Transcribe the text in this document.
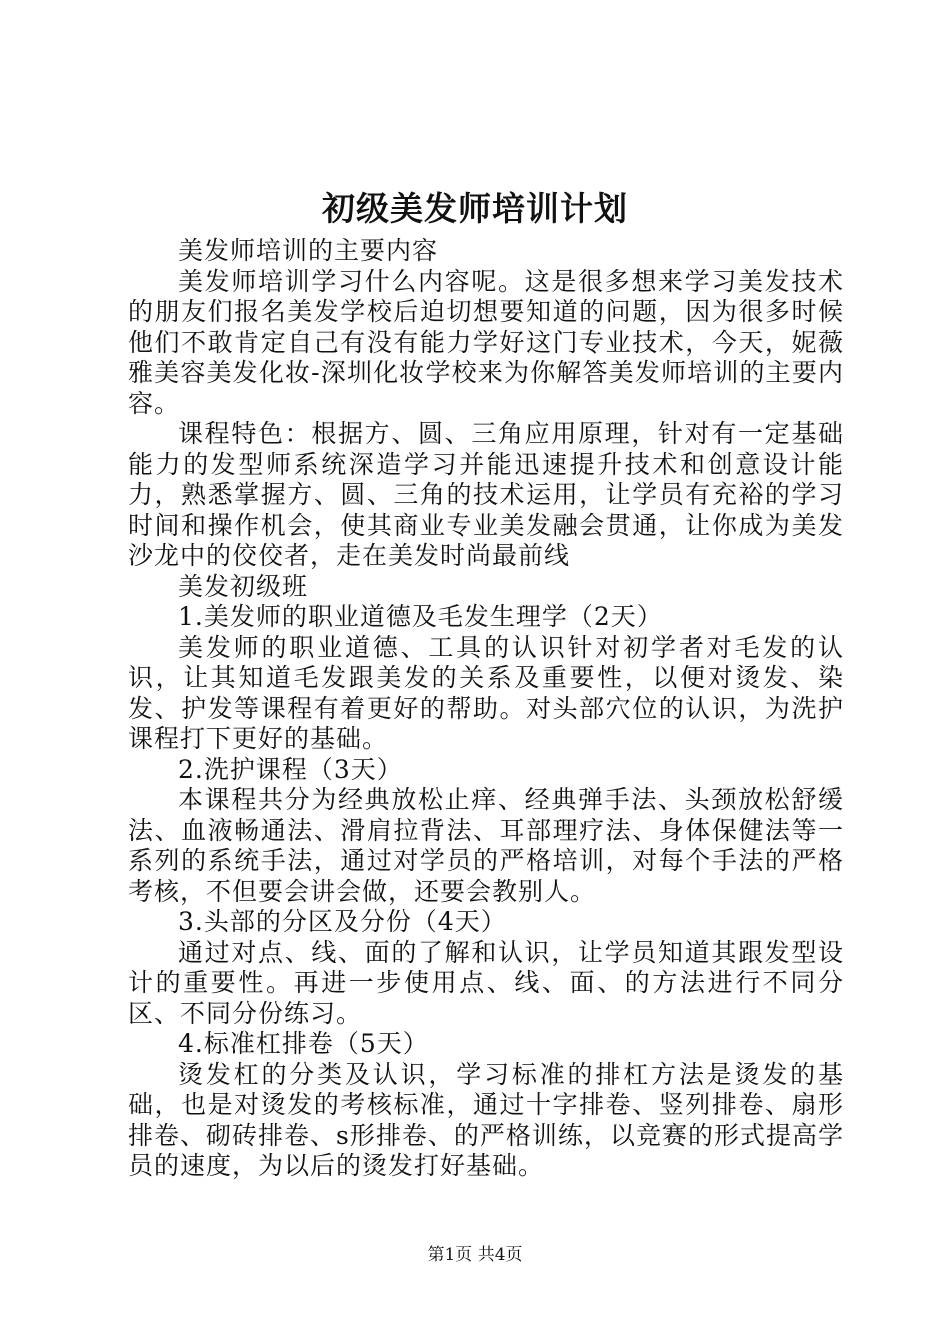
初级美发师培训计划

美发师培训的主要内容

美发师培训学习什么内容呢。这是很多想来学习美发技术的朋友们报名美发学校后迫切想要知道的问题，因为很多时候他们不敢肯定自己有没有能力学好这门专业技术，今天，妮薇雅美容美发化妆-深圳化妆学校来为你解答美发师培训的主要内容。

课程特色：根据方、圆、三角应用原理，针对有一定基础能力的发型师系统深造学习并能迅速提升技术和创意设计能力，熟悉掌握方、圆、三角的技术运用，让学员有充裕的学习时间和操作机会，使其商业专业美发融会贯通，让你成为美发沙龙中的佼佼者，走在美发时尚最前线

美发初级班

1.美发师的职业道德及毛发生理学（2天）

美发师的职业道德、工具的认识针对初学者对毛发的认识，让其知道毛发跟美发的关系及重要性，以便对烫发、染发、护发等课程有着更好的帮助。对头部穴位的认识，为洗护课程打下更好的基础。

2.洗护课程（3天）

本课程共分为经典放松止痒、经典弹手法、头颈放松舒缓法、血液畅通法、滑肩拉背法、耳部理疗法、身体保健法等一系列的系统手法，通过对学员的严格培训，对每个手法的严格考核，不但要会讲会做，还要会教别人。

3.头部的分区及分份（4天）

通过对点、线、面的了解和认识，让学员知道其跟发型设计的重要性。再进一步使用点、线、面、的方法进行不同分区、不同分份练习。

4.标准杠排卷（5天）

烫发杠的分类及认识，学习标准的排杠方法是烫发的基础，也是对烫发的考核标准，通过十字排卷、竖列排卷、扇形排卷、砌砖排卷、s形排卷、的严格训练，以竞赛的形式提高学员的速度，为以后的烫发打好基础。

第1页 共4页
